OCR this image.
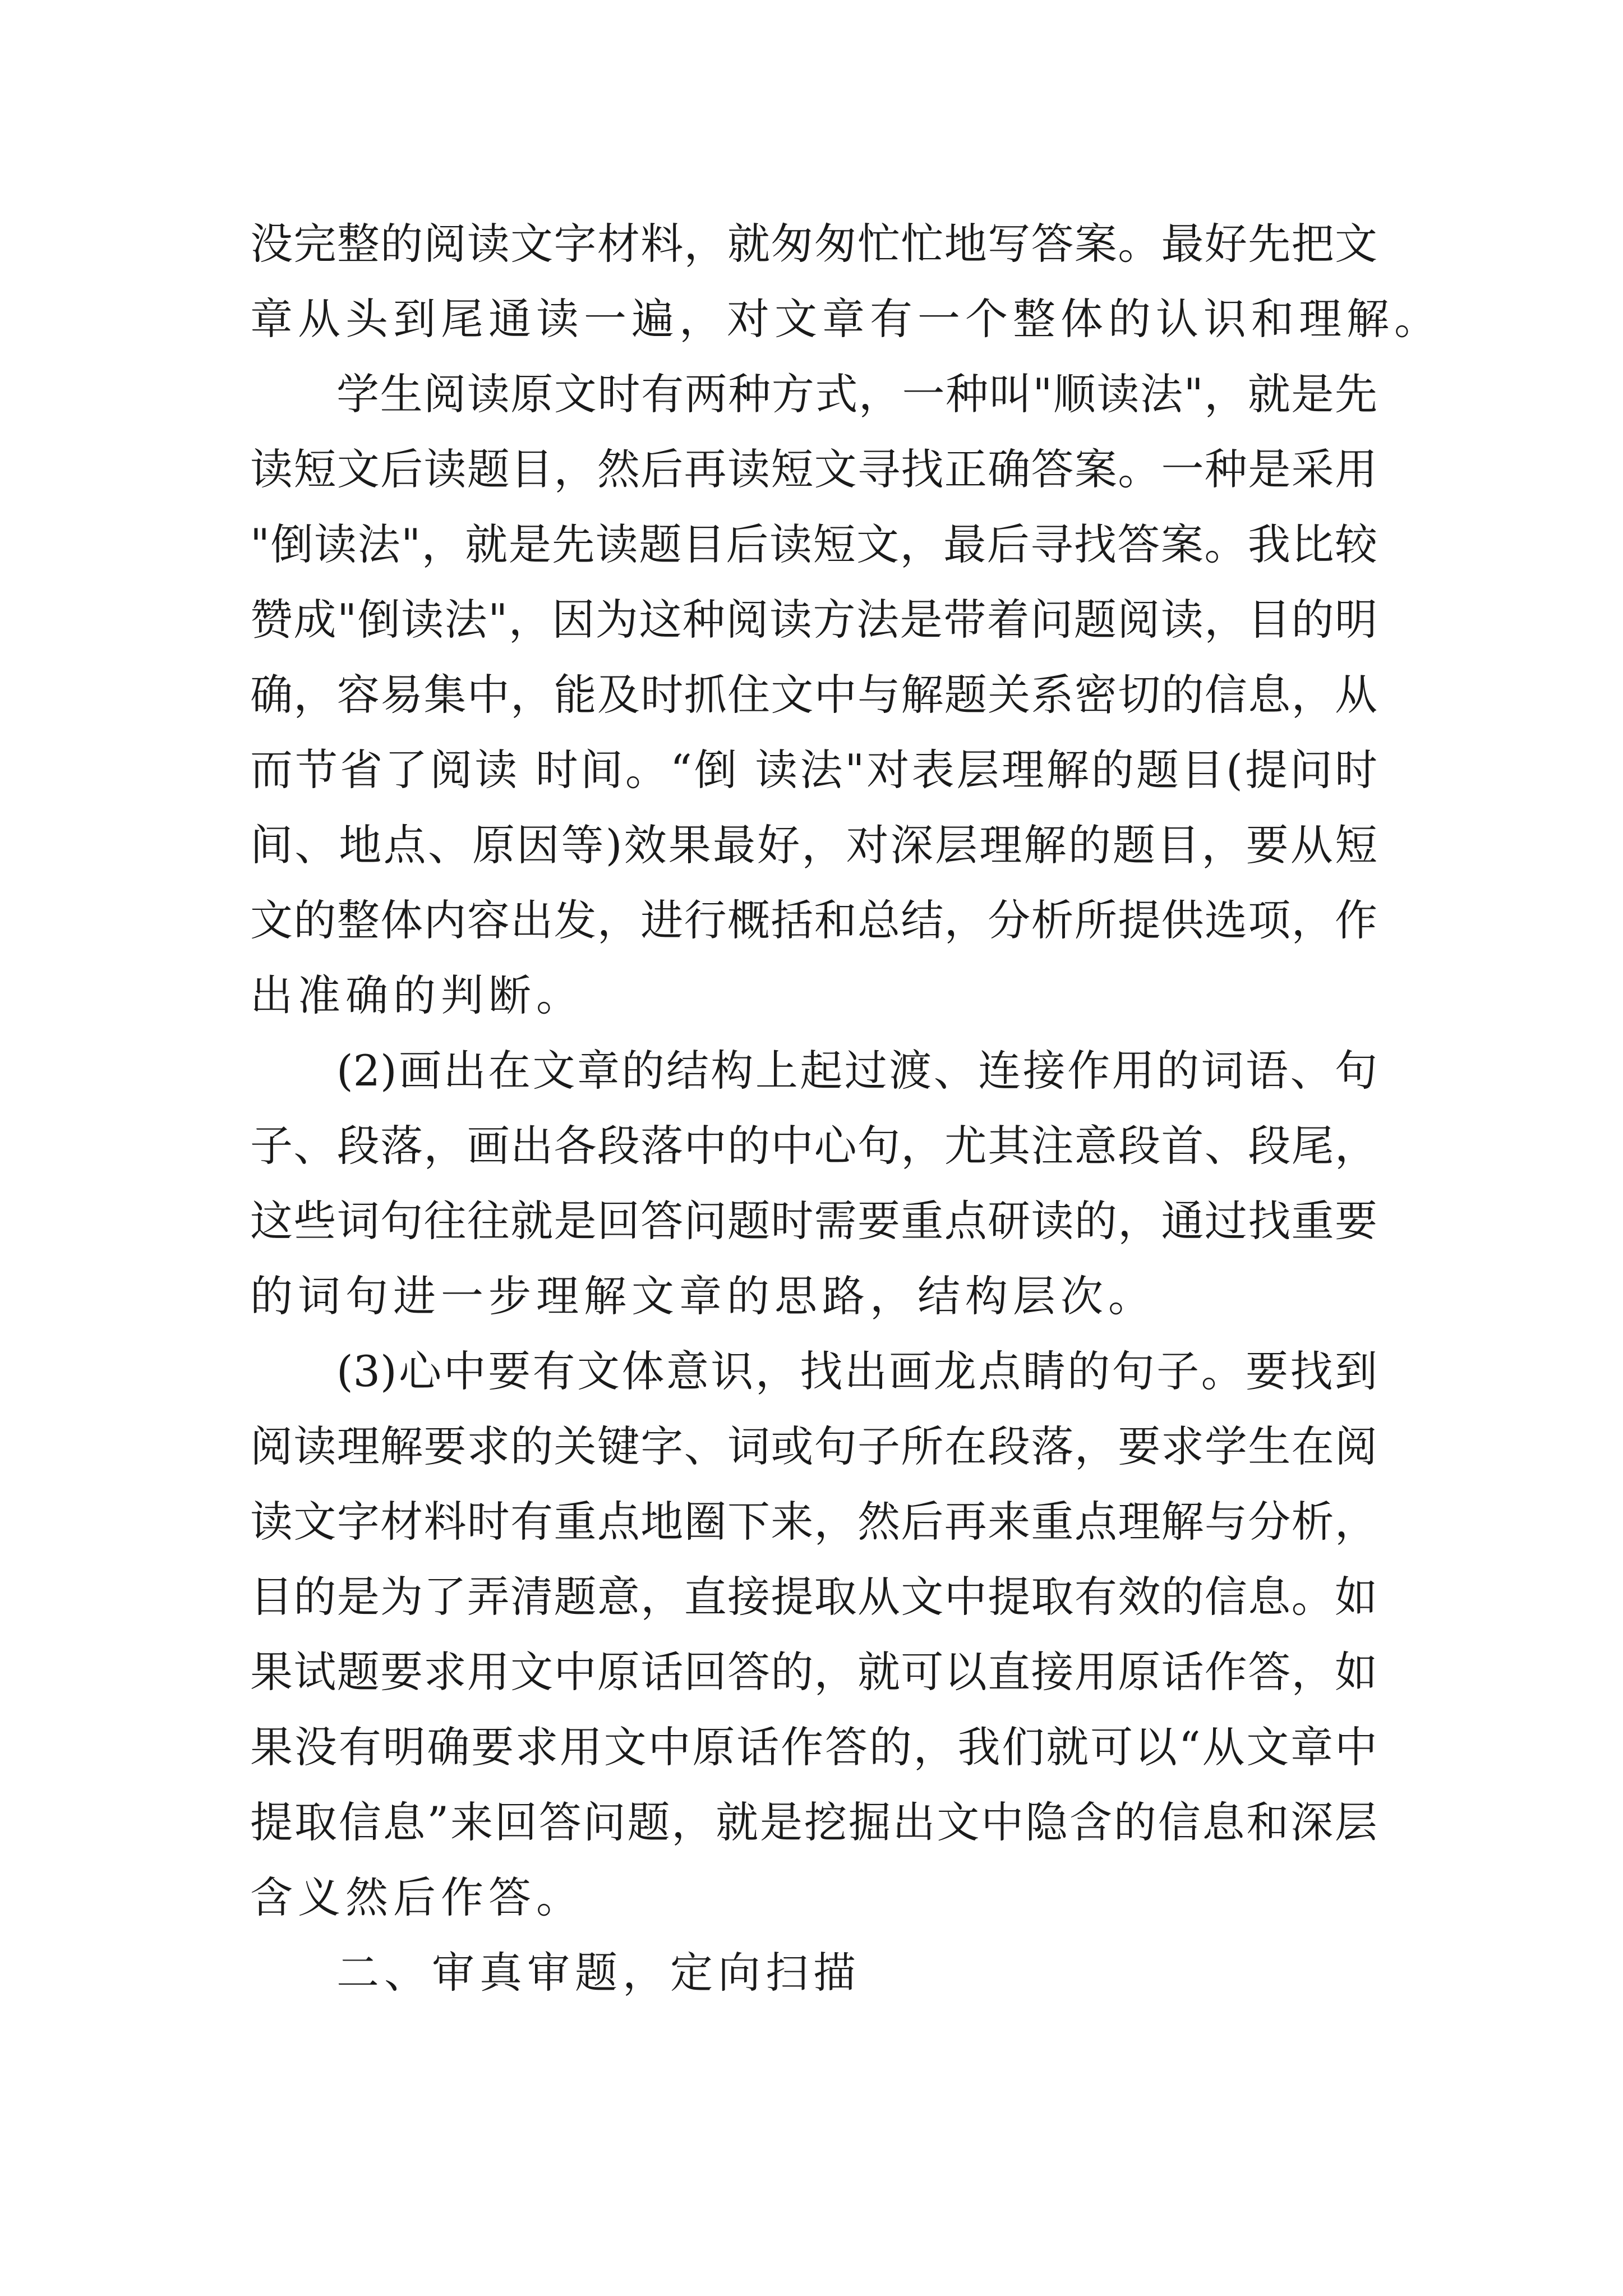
没完整的阅读文字材料，就匆匆忙忙地写答案。最好先把文
章从头到尾通读一遍，对文章有一个整体的认识和理解。
学生阅读原文时有两种方式，一种叫"顺读法"，就是先
读短文后读题目，然后再读短文寻找正确答案。一种是采用
"倒读法"，就是先读题目后读短文，最后寻找答案。我比较
赞成"倒读法"，因为这种阅读方法是带着问题阅读，目的明
确，容易集中，能及时抓住文中与解题关系密切的信息，从
而节省了阅读 时间。“倒 读法"对表层理解的题目(提问时
间、地点、原因等)效果最好，对深层理解的题目，要从短
文的整体内容出发，进行概括和总结，分析所提供选项，作
出准确的判断。
(2)画出在文章的结构上起过渡、连接作用的词语、句
子、段落，画出各段落中的中心句，尤其注意段首、段尾，
这些词句往往就是回答问题时需要重点研读的，通过找重要
的词句进一步理解文章的思路，结构层次。
(3)心中要有文体意识，找出画龙点睛的句子。要找到
阅读理解要求的关键字、词或句子所在段落，要求学生在阅
读文字材料时有重点地圈下来，然后再来重点理解与分析，
目的是为了弄清题意，直接提取从文中提取有效的信息。如
果试题要求用文中原话回答的，就可以直接用原话作答，如
果没有明确要求用文中原话作答的，我们就可以“从文章中
提取信息”来回答问题，就是挖掘出文中隐含的信息和深层
含义然后作答。
二、审真审题，定向扫描
